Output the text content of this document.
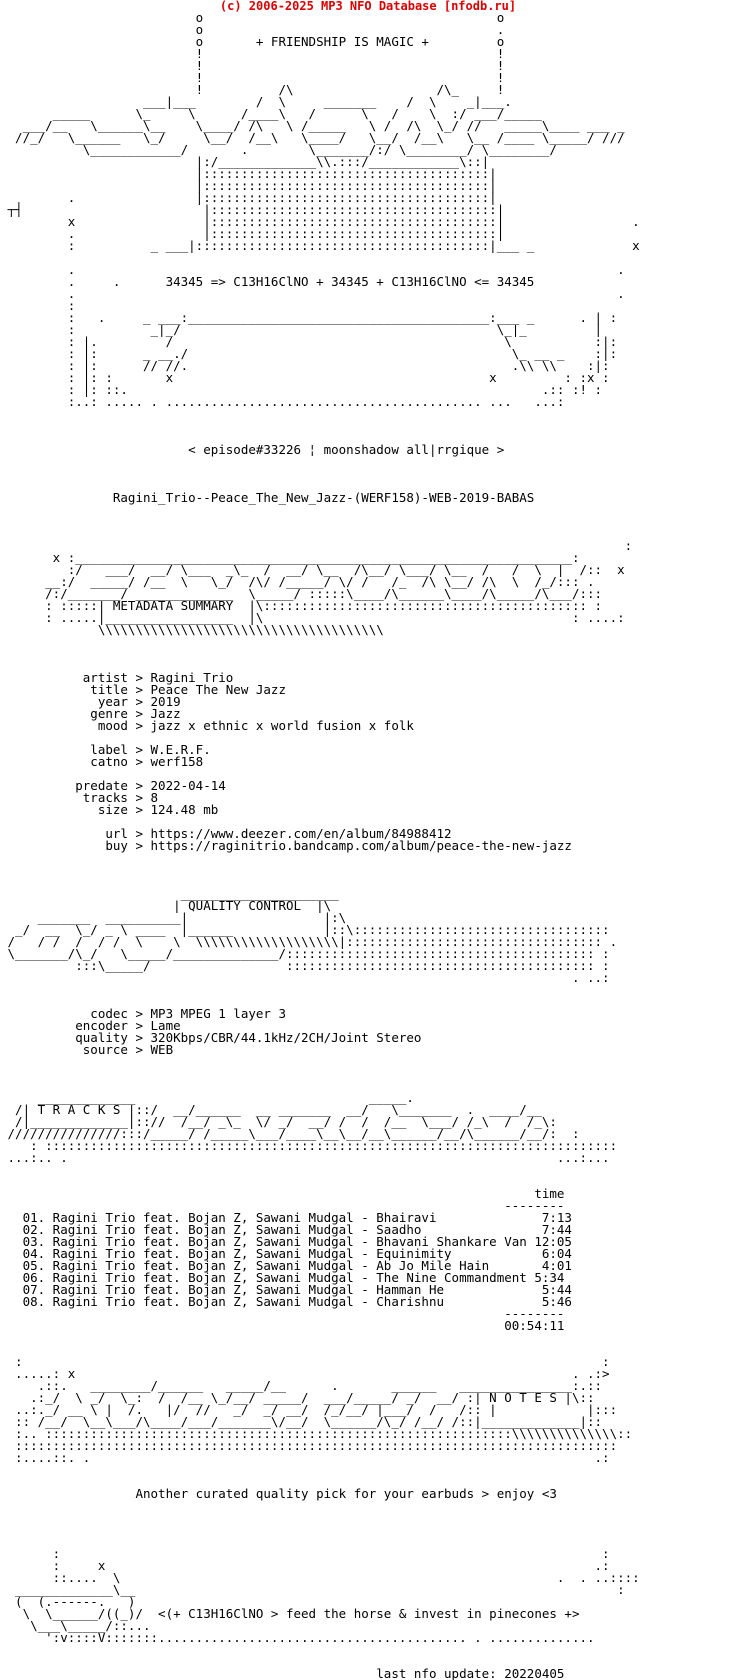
(c) 2006-2025 MP3 NFO Database [nfodb.ru]
o                                       o
o                                       .
o       + FRIENDSHIP IS MAGIC +         o
!                                       !
!                                       !
!                                       !
!          /\                   /\_     !
___|___        /  \     _______    /  \    _|___.
_____      \_     \      /____\   /      \   /    \  :/ ___/_____
___/__   \______\__    \____/ /\   \ /_____   \ /  /\  \_/ //   _____\____ ___ _
//_/   \______   \_/     \__/  /__\   \____/   \__/  /__\   \__ /____ \_____/ ///
\____________/       .        \_______/:/ \________/ \________/
|:/_____________\\.:::/____________\::|
|::::::::::::::::::::::::::::::::::::::|
|::::::::::::::::::::::::::::::::::::::|
.                |::::::::::::::::::::::::::::::::::::::|
┬┤                        |::::::::::::::::::::::::::::::::::::::|
x                 |::::::::::::::::::::::::::::::::::::::|                 .
.                 |::::::::::::::::::::::::::::::::::::::|
:          _ ___|:::::::::::::::::::::::::::::::::::::::|___ _             x
.                                                                        .
.     .      34345 => C13H16ClNO + 34345 + C13H16ClNO <= 34345
.                                                                        .
:
:   .     _ ___:________________________________________:___ _      . | :
:          _|_/                                          \_|_         |
: |.         /                                            \           :|:
: |:      _ __./                                           \_ __ _    :|:
: |:      // //.                                           .\\ \\    :|:
: |: :       x                                          x         : :x :
: |: ::.                                                       .:: :! :
:..: ..... . .......................................... ...   ...:
< episode#33226 ¦ moonshadow all|rrgique >
Ragini_Trio--Peace_The_New_Jazz-(WERF158)-WEB-2019-BABAS
:
x :__________________________________________________________________:
:/   ___/  __/ \___  _\_  /  __/ \__  /\__/ \___/ \__  /   /  \  |  /::  x
__:/  _____/ /__  \   \_/  /\/ /_____/ \/ /   /_  /\ \__/ /\  \  /_/::: .
/:/_______/ _____________  \_____/ :::::\____/\______\____/\_____/\___/:::
: :::::| METADATA SUMMARY  |\::::::::::::::::::::::::::::::::::::::::::: :
: .....|_________________  |\                                         : ....:
\\\\\\\\\\\\\\\\\\\\\\\\\\\\\\\\\\\\\\
artist > Ragini Trio
title > Peace The New Jazz
year > 2019
genre > Jazz
mood > jazz x ethnic x world fusion x folk
label > W.E.R.F.
catno > werf158
predate > 2022-04-14
tracks > 8
size > 124.48 mb
url > https://www.deezer.com/en/album/84988412
buy > https://raginitrio.bandcamp.com/album/peace-the-new-jazz
_____________________
| QUALITY CONTROL  |\
_______  __________|                  |:\
_/  __  \_/ _ \ ____  |______            |::\::::::::::::::::::::::::::::::::::
/   / /  /  / /  \    \  \\\\\\\\\\\\\\\\\\\|:::::::::::::::::::::::::::::::::: .
\_______/\_/   \_____/______________/::::::::::::::::::::::::::::::::::::::::: :
:::\_____/                  ::::::::::::::::::::::::::::::::::::::::: :
. ..:
codec > MP3 MPEG 1 layer 3
encoder > Lame
quality > 320Kbps/CBR/44.1kHz/2CH/Joint Stereo
source > WEB
_____________                               _____.
/| T R A C K S |::/  __/______  __ _______  __/   \_______  .  ____/__
/|_____________|:://  /__/ _\_  \/ _/  __/ /  /  /__  \___/ /_\  /  /_\:
///////////////:::/_____/ /_____\___/____\__\__/__\______/__/\______/__/:  :
: ::::::::::::::::::::::::::::::::::::::::::::::::::::::::::::::::::::::::::::
...:.. .                                                                 ...:...
time
--------
01. Ragini Trio feat. Bojan Z, Sawani Mudgal - Bhairavi              7:13
02. Ragini Trio feat. Bojan Z, Sawani Mudgal - Saadho                7:44
03. Ragini Trio feat. Bojan Z, Sawani Mudgal - Bhavani Shankare Van 12:05
04. Ragini Trio feat. Bojan Z, Sawani Mudgal - Equinimity            6:04
05. Ragini Trio feat. Bojan Z, Sawani Mudgal - Ab Jo Mile Hain       4:01
06. Ragini Trio feat. Bojan Z, Sawani Mudgal - The Nine Commandment 5:34
07. Ragini Trio feat. Bojan Z, Sawani Mudgal - Hamman He             5:44
08. Ragini Trio feat. Bojan Z, Sawani Mudgal - Charishnu             5:46
--------
00:54:11
:                                                                             :
.....: x                                                                  . .:>
.::.   ________/______   _____/__      .       ______   _______________:.::
.:_/  \ _/  \_:  /  /__ \_/__/ _____/  ___/_____/ _/  __/ :| N O T E S |\::
..:._/ __ \ |  /.   |/  //   _/  _/ __/  /_/__/ |___/  /   /:: |            |:::
:: /__/  \__\___/\____/___/_______\/__/  \______/\_/ /__/ /::|_____________|::
:.. ::::::::::::::::::::::::::::::::::::::::::::::::::::::::::::::\\\\\\\\\\\\\\::
::::::::::::::::::::::::::::::::::::::::::::::::::::::::::::::::::::::::::::::::
:....::. .                                                                   .:
Another curated quality pick for your earbuds > enjoy <3
:                                                                        :
:     x                                                                 .:
::....  \                                                          .  . ..::::
_____________\__                                                                :
(  (.------.   )
\  \______/((_)/  <(+ C13H16ClNO > feed the horse & invest in pinecones +>
\___\_____/::...
':v::::V:::::::......................................... . ..............
last nfo update: 20220405
